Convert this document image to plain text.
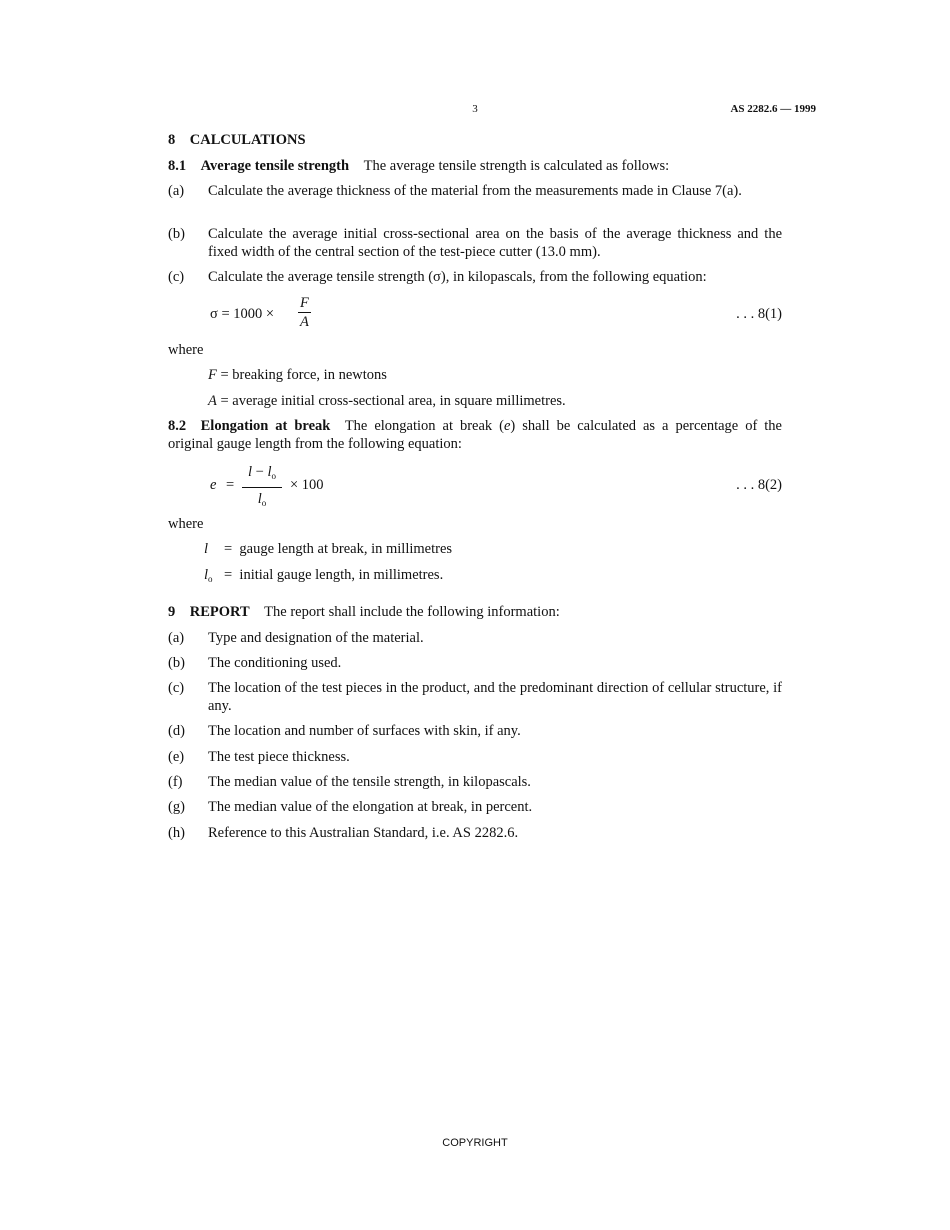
3	AS 2282.6 — 1999

8 CALCULATIONS

8.1 Average tensile strength  The average tensile strength is calculated as follows:

(a)	Calculate the average thickness of the material from the measurements made in Clause 7(a).
(b)	Calculate the average initial cross-sectional area on the basis of the average thickness and the fixed width of the central section of the test-piece cutter (13.0 mm).
(c)	Calculate the average tensile strength (σ), in kilopascals, from the following equation:
$\sigma = 1000 \times \frac{F}{A}$	. . . 8(1)

where

F = breaking force, in newtons

A = average initial cross-sectional area, in square millimetres.

8.2 Elongation at break  The elongation at break (e) shall be calculated as a percentage of the original gauge length from the following equation:

$e = \frac{l - l_o}{l_o} \times 100$	. . . 8(2)

where

l = gauge length at break, in millimetres

$l_o$ = initial gauge length, in millimetres.

9 REPORT  The report shall include the following information:

(a)	Type and designation of the material.
(b)	The conditioning used.
(c)	The location of the test pieces in the product, and the predominant direction of cellular structure, if any.
(d)	The location and number of surfaces with skin, if any.
(e)	The test piece thickness.
(f)	The median value of the tensile strength, in kilopascals.
(g)	The median value of the elongation at break, in percent.
(h)	Reference to this Australian Standard, i.e. AS 2282.6.
COPYRIGHT
